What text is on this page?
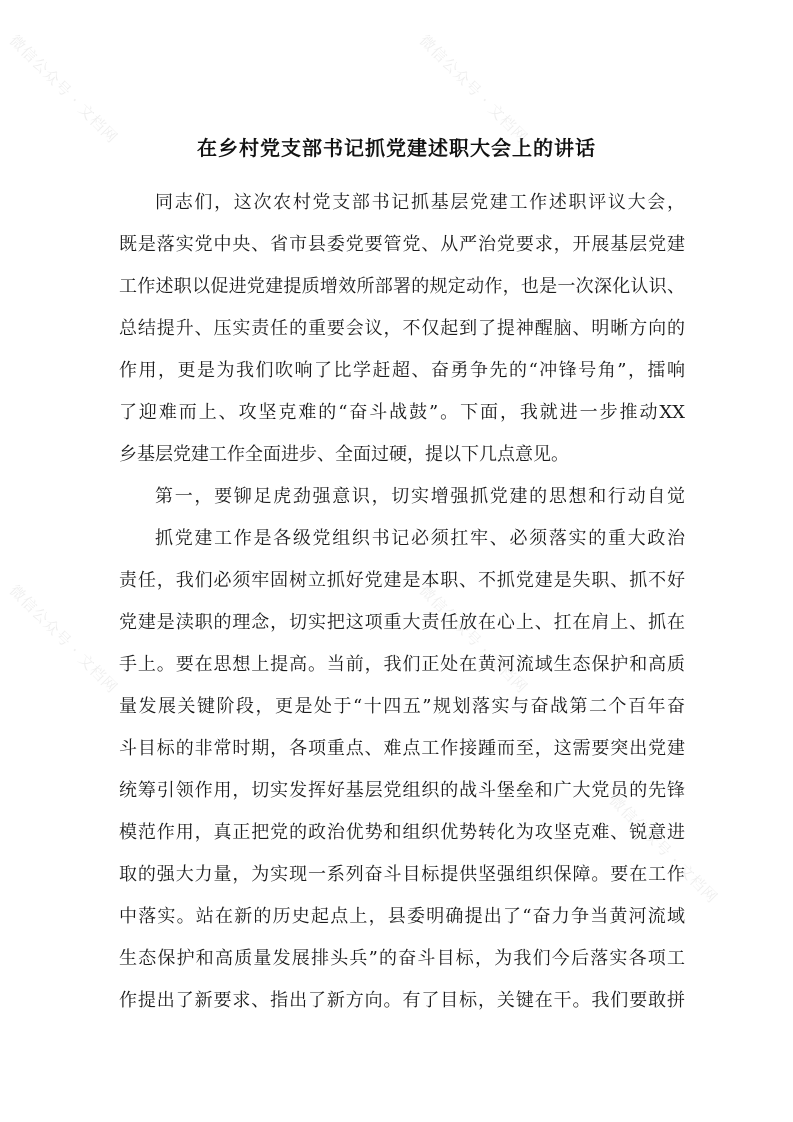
微信公众号 · 文档网	微信公众号 · 文档网
微信公众号 · 文档网	微信公众号 · 文档网
微信公众号 · 文档网
在乡村党支部书记抓党建述职大会上的讲话
同志们，这次农村党支部书记抓基层党建工作述职评议大会，
既是落实党中央、省市县委党要管党、从严治党要求，开展基层党建
工作述职以促进党建提质增效所部署的规定动作，也是一次深化认识、
总结提升、压实责任的重要会议，不仅起到了提神醒脑、明晰方向的
作用，更是为我们吹响了比学赶超、奋勇争先的“冲锋号角”，擂响
了迎难而上、攻坚克难的“奋斗战鼓”。下面，我就进一步推动XX
乡基层党建工作全面进步、全面过硬，提以下几点意见。
第一，要铆足虎劲强意识，切实增强抓党建的思想和行动自觉
抓党建工作是各级党组织书记必须扛牢、必须落实的重大政治
责任，我们必须牢固树立抓好党建是本职、不抓党建是失职、抓不好
党建是渎职的理念，切实把这项重大责任放在心上、扛在肩上、抓在
手上。要在思想上提高。当前，我们正处在黄河流域生态保护和高质
量发展关键阶段，更是处于“十四五”规划落实与奋战第二个百年奋
斗目标的非常时期，各项重点、难点工作接踵而至，这需要突出党建
统筹引领作用，切实发挥好基层党组织的战斗堡垒和广大党员的先锋
模范作用，真正把党的政治优势和组织优势转化为攻坚克难、锐意进
取的强大力量，为实现一系列奋斗目标提供坚强组织保障。要在工作
中落实。站在新的历史起点上，县委明确提出了“奋力争当黄河流域
生态保护和高质量发展排头兵”的奋斗目标，为我们今后落实各项工
作提出了新要求、指出了新方向。有了目标，关键在干。我们要敢拼
